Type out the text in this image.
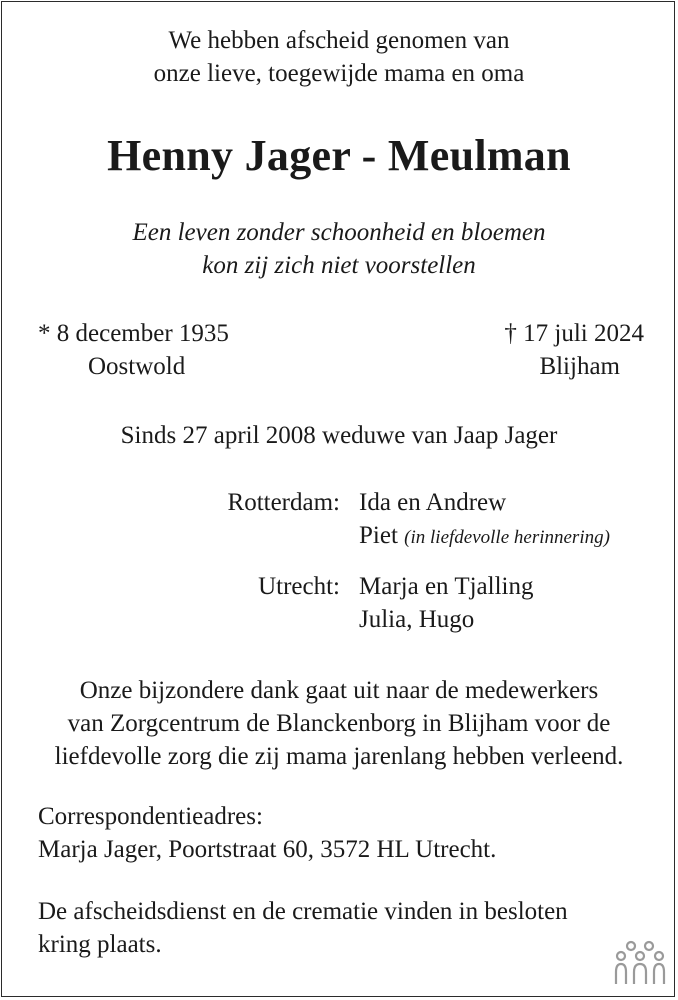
We hebben afscheid genomen van
onze lieve, toegewijde mama en oma
Henny Jager - Meulman
Een leven zonder schoonheid en bloemen
kon zij zich niet voorstellen
* 8 december 1935
Oostwold
† 17 juli 2024
Blijham
Sinds 27 april 2008 weduwe van Jaap Jager
Rotterdam: Ida en Andrew
Piet (in liefdevolle herinnering)
Utrecht: Marja en Tjalling
Julia, Hugo
Onze bijzondere dank gaat uit naar de medewerkers
van Zorgcentrum de Blanckenborg in Blijham voor de
liefdevolle zorg die zij mama jarenlang hebben verleend.
Correspondentieadres:
Marja Jager, Poortstraat 60, 3572 HL Utrecht.
De afscheidsdienst en de crematie vinden in besloten
kring plaats.
